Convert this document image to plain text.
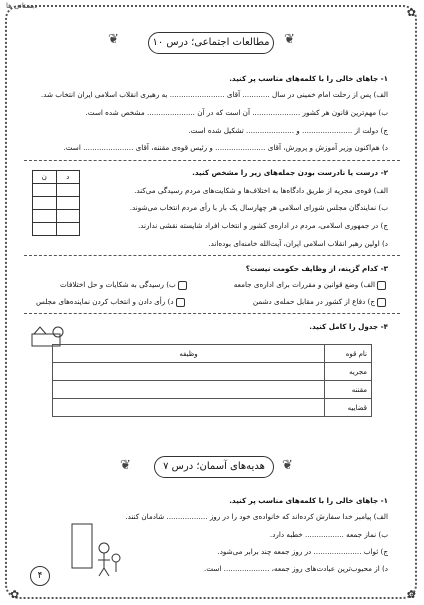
✿
✿	✿
دبستانی ها
❦	مطالعات اجتماعی؛ درس ۱۰	❦
۱- جاهای خالی را با کلمه‌های مناسب پر کنید.
الف) پس از رحلت امام خمینی در سال ............ آقای ........................ به رهبری انقلاب اسلامی ایران انتخاب شد.
ب) مهم‌ترین قانون هر کشور ..................... آن است که در آن ..................... مشخص شده است.
ج) دولت از ...................... و ..................... تشکیل شده است.
د) هم‌اکنون وزیر آموزش و پرورش، آقای ...................... و رئیس قوه‌ی مقننه، آقای ...................... است.
۲- درست یا نادرست بودن جمله‌های زیر را مشخص کنید.
ن	د

الف) قوه‌ی مجریه از طریق دادگاه‌ها به اختلاف‌ها و شکایت‌های مردم رسیدگی می‌کند.
ب) نمایندگان مجلس شورای اسلامی هر چهارسال یک بار با رأی مردم انتخاب می‌شوند.
ج) در جمهوری اسلامی، مردم در اداره‌ی کشور و انتخاب افراد شایسته نقشی ندارند.
د) اولین رهبر انقلاب اسلامی ایران، آیت‌الله خامنه‌ای بوده‌اند.
۳- کدام گزینه، از وظایف حکومت نیست؟
الف) وضع قوانین و مقررات برای اداره‌ی جامعه
ب) رسیدگی به شکایات و حل اختلافات
ج) دفاع از کشور در مقابل حمله‌ی دشمن
د) رأی دادن و انتخاب کردن نماینده‌های مجلس
۴- جدول را کامل کنید.
نام قوه	وظیفه
مجریه	
مقننه	
قضاییه	
❦	هدیه‌های آسمان؛ درس ۷	❦
۱- جاهای خالی را با کلمه‌های مناسب پر کنید.
الف) پیامبر خدا سفارش کرده‌اند که خانواده‌ی خود را در روز .................. شادمان کنند.
ب) نماز جمعه ................. خطبه دارد.
ج) ثواب ..................... در روز جمعه چند برابر می‌شود.
د) از محبوب‌ترین عبادت‌های روز جمعه، .................... است.
۴
